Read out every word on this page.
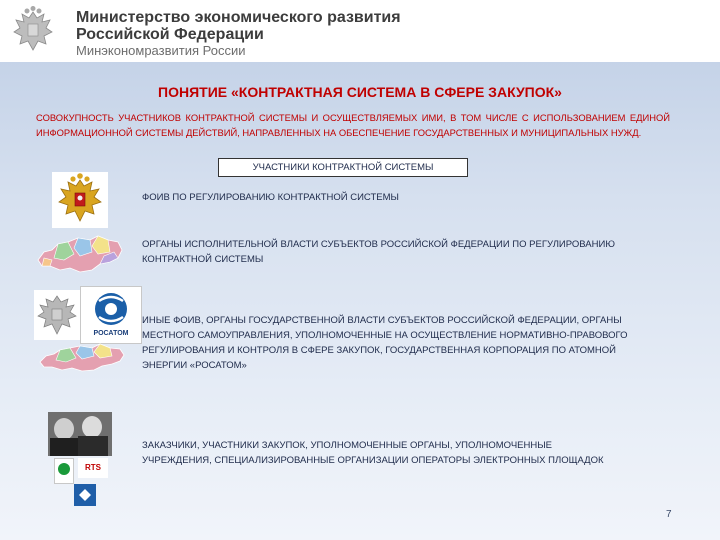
Министерство экономического развития
Российской Федерации
Минэкономразвития России
ПОНЯТИЕ «КОНТРАКТНАЯ СИСТЕМА В СФЕРЕ ЗАКУПОК»
СОВОКУПНОСТЬ УЧАСТНИКОВ КОНТРАКТНОЙ СИСТЕМЫ И ОСУЩЕСТВЛЯЕМЫХ ИМИ, В ТОМ ЧИСЛЕ С ИСПОЛЬЗОВАНИЕМ ЕДИНОЙ ИНФОРМАЦИОННОЙ СИСТЕМЫ ДЕЙСТВИЙ, НАПРАВЛЕННЫХ НА ОБЕСПЕЧЕНИЕ ГОСУДАРСТВЕННЫХ И МУНИЦИПАЛЬНЫХ НУЖД.
УЧАСТНИКИ КОНТРАКТНОЙ СИСТЕМЫ
ФОИВ ПО РЕГУЛИРОВАНИЮ КОНТРАКТНОЙ СИСТЕМЫ
ОРГАНЫ ИСПОЛНИТЕЛЬНОЙ ВЛАСТИ СУБЪЕКТОВ РОССИЙСКОЙ ФЕДЕРАЦИИ ПО РЕГУЛИРОВАНИЮ КОНТРАКТНОЙ СИСТЕМЫ
РОСАТОМ
ИНЫЕ ФОИВ, ОРГАНЫ ГОСУДАРСТВЕННОЙ ВЛАСТИ СУБЪЕКТОВ РОССИЙСКОЙ ФЕДЕРАЦИИ, ОРГАНЫ МЕСТНОГО САМОУПРАВЛЕНИЯ, УПОЛНОМОЧЕННЫЕ НА ОСУЩЕСТВЛЕНИЕ НОРМАТИВНО-ПРАВОВОГО РЕГУЛИРОВАНИЯ И КОНТРОЛЯ В СФЕРЕ ЗАКУПОК, ГОСУДАРСТВЕННАЯ КОРПОРАЦИЯ ПО АТОМНОЙ ЭНЕРГИИ «РОСАТОМ»
RTS
ЗАКАЗЧИКИ, УЧАСТНИКИ ЗАКУПОК, УПОЛНОМОЧЕННЫЕ ОРГАНЫ, УПОЛНОМОЧЕННЫЕ УЧРЕЖДЕНИЯ, СПЕЦИАЛИЗИРОВАННЫЕ ОРГАНИЗАЦИИ ОПЕРАТОРЫ ЭЛЕКТРОННЫХ ПЛОЩАДОК
7
